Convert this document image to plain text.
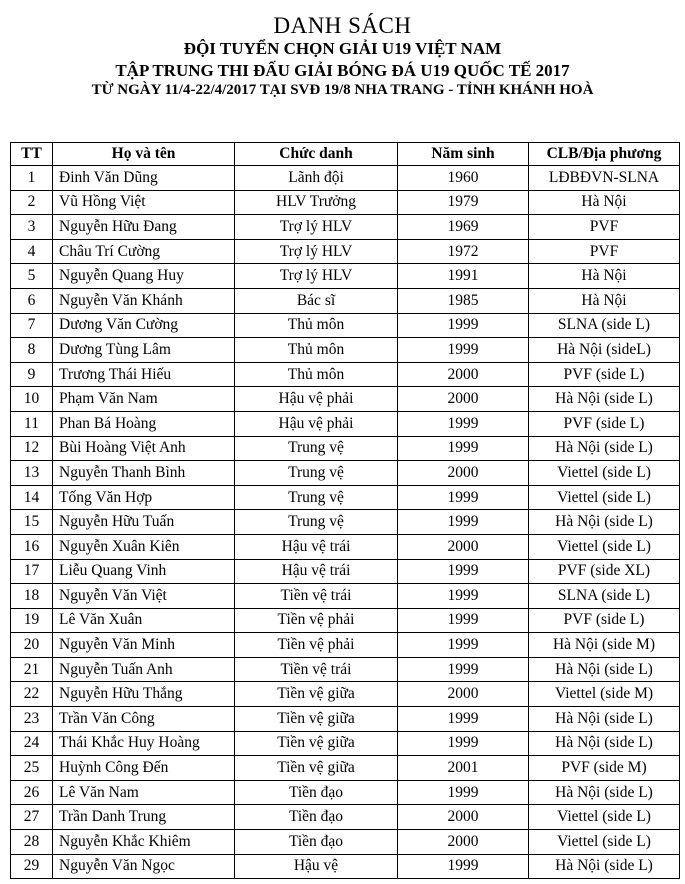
DANH SÁCH
ĐỘI TUYỂN CHỌN GIẢI U19 VIỆT NAM
TẬP TRUNG THI ĐẤU GIẢI BÓNG ĐÁ U19 QUỐC TẾ 2017
TỪ NGÀY 11/4-22/4/2017 TẠI SVĐ 19/8 NHA TRANG - TỈNH KHÁNH HOÀ
TT	Họ và tên	Chức danh	Năm sinh	CLB/Địa phương
1	Đinh Văn Dũng	Lãnh đội	1960	LĐBĐVN-SLNA
2	Vũ Hồng Việt	HLV Trưởng	1979	Hà Nội
3	Nguyễn Hữu Đang	Trợ lý HLV	1969	PVF
4	Châu Trí Cường	Trợ lý HLV	1972	PVF
5	Nguyễn Quang Huy	Trợ lý HLV	1991	Hà Nội
6	Nguyễn Văn Khánh	Bác sĩ	1985	Hà Nội
7	Dương Văn Cường	Thủ môn	1999	SLNA (side L)
8	Dương Tùng Lâm	Thủ môn	1999	Hà Nội (sideL)
9	Trương Thái Hiếu	Thủ môn	2000	PVF (side L)
10	Phạm Văn Nam	Hậu vệ phải	2000	Hà Nội (side L)
11	Phan Bá Hoàng	Hậu vệ phải	1999	PVF (side L)
12	Bùi Hoàng Việt Anh	Trung vệ	1999	Hà Nội (side L)
13	Nguyễn Thanh Bình	Trung vệ	2000	Viettel (side L)
14	Tống Văn Hợp	Trung vệ	1999	Viettel (side L)
15	Nguyễn Hữu Tuấn	Trung vệ	1999	Hà Nội (side L)
16	Nguyễn Xuân Kiên	Hậu vệ trái	2000	Viettel (side L)
17	Liễu Quang Vinh	Hậu vệ trái	1999	PVF (side XL)
18	Nguyễn Văn Việt	Tiền vệ trái	1999	SLNA (side L)
19	Lê Văn Xuân	Tiền vệ phải	1999	PVF (side L)
20	Nguyễn Văn Minh	Tiền vệ phải	1999	Hà Nội (side M)
21	Nguyễn Tuấn Anh	Tiền vệ trái	1999	Hà Nội (side L)
22	Nguyễn Hữu Thắng	Tiền vệ giữa	2000	Viettel (side M)
23	Trần Văn Công	Tiền vệ giữa	1999	Hà Nội (side L)
24	Thái Khắc Huy Hoàng	Tiền vệ giữa	1999	Hà Nội (side L)
25	Huỳnh Công Đến	Tiền vệ giữa	2001	PVF (side M)
26	Lê Văn Nam	Tiền đạo	1999	Hà Nội (side L)
27	Trần Danh Trung	Tiền đạo	2000	Viettel (side L)
28	Nguyễn Khắc Khiêm	Tiền đạo	2000	Viettel (side L)
29	Nguyễn Văn Ngọc	Hậu vệ	1999	Hà Nội (side L)
